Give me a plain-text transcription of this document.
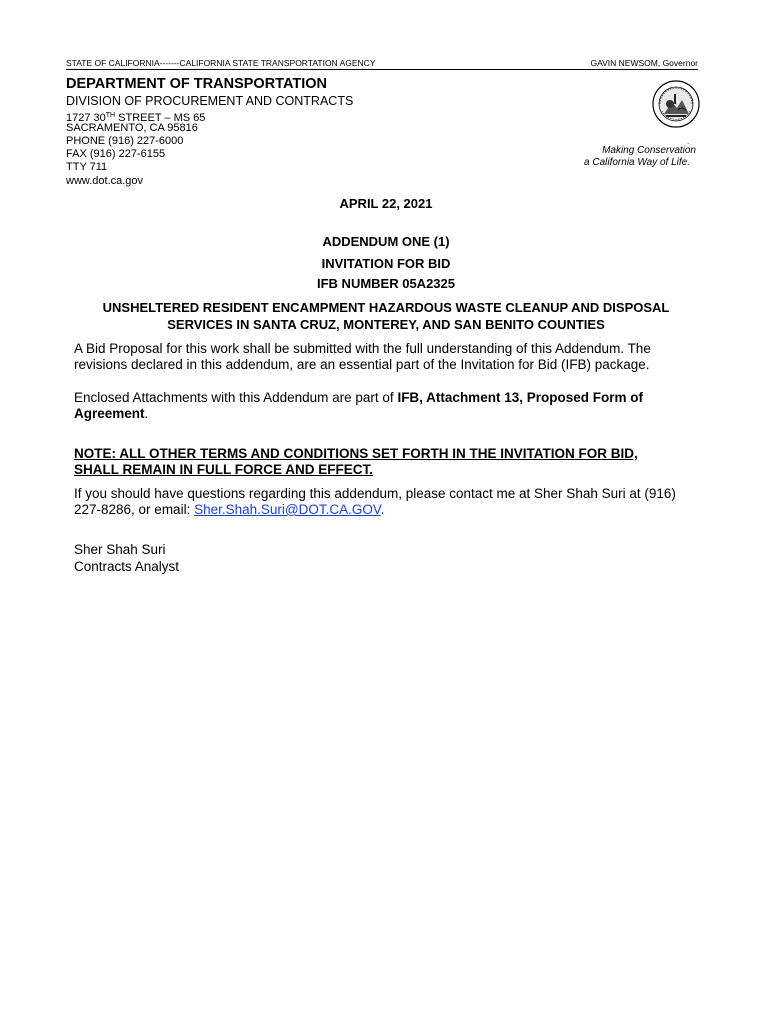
STATE OF CALIFORNIA-------CALIFORNIA STATE TRANSPORTATION AGENCY	GAVIN NEWSOM, Governor
DEPARTMENT OF TRANSPORTATION
DIVISION OF PROCUREMENT AND CONTRACTS
1727 30TH STREET – MS 65
SACRAMENTO, CA 95816
PHONE (916) 227-6000
FAX (916) 227-6155
TTY 711
www.dot.ca.gov
.
Making Conservation
a California Way of Life.
APRIL 22, 2021
ADDENDUM ONE (1)
INVITATION FOR BID
IFB NUMBER 05A2325
UNSHELTERED RESIDENT ENCAMPMENT HAZARDOUS WASTE CLEANUP AND DISPOSAL
SERVICES IN SANTA CRUZ, MONTEREY, AND SAN BENITO COUNTIES
A Bid Proposal for this work shall be submitted with the full understanding of this Addendum. The
revisions declared in this addendum, are an essential part of the Invitation for Bid (IFB) package.
Enclosed Attachments with this Addendum are part of IFB, Attachment 13, Proposed Form of
Agreement.
NOTE: ALL OTHER TERMS AND CONDITIONS SET FORTH IN THE INVITATION FOR BID,
SHALL REMAIN IN FULL FORCE AND EFFECT.
If you should have questions regarding this addendum, please contact me at Sher Shah Suri at (916)
227-8286, or email: Sher.Shah.Suri@DOT.CA.GOV.
Sher Shah Suri
Contracts Analyst
